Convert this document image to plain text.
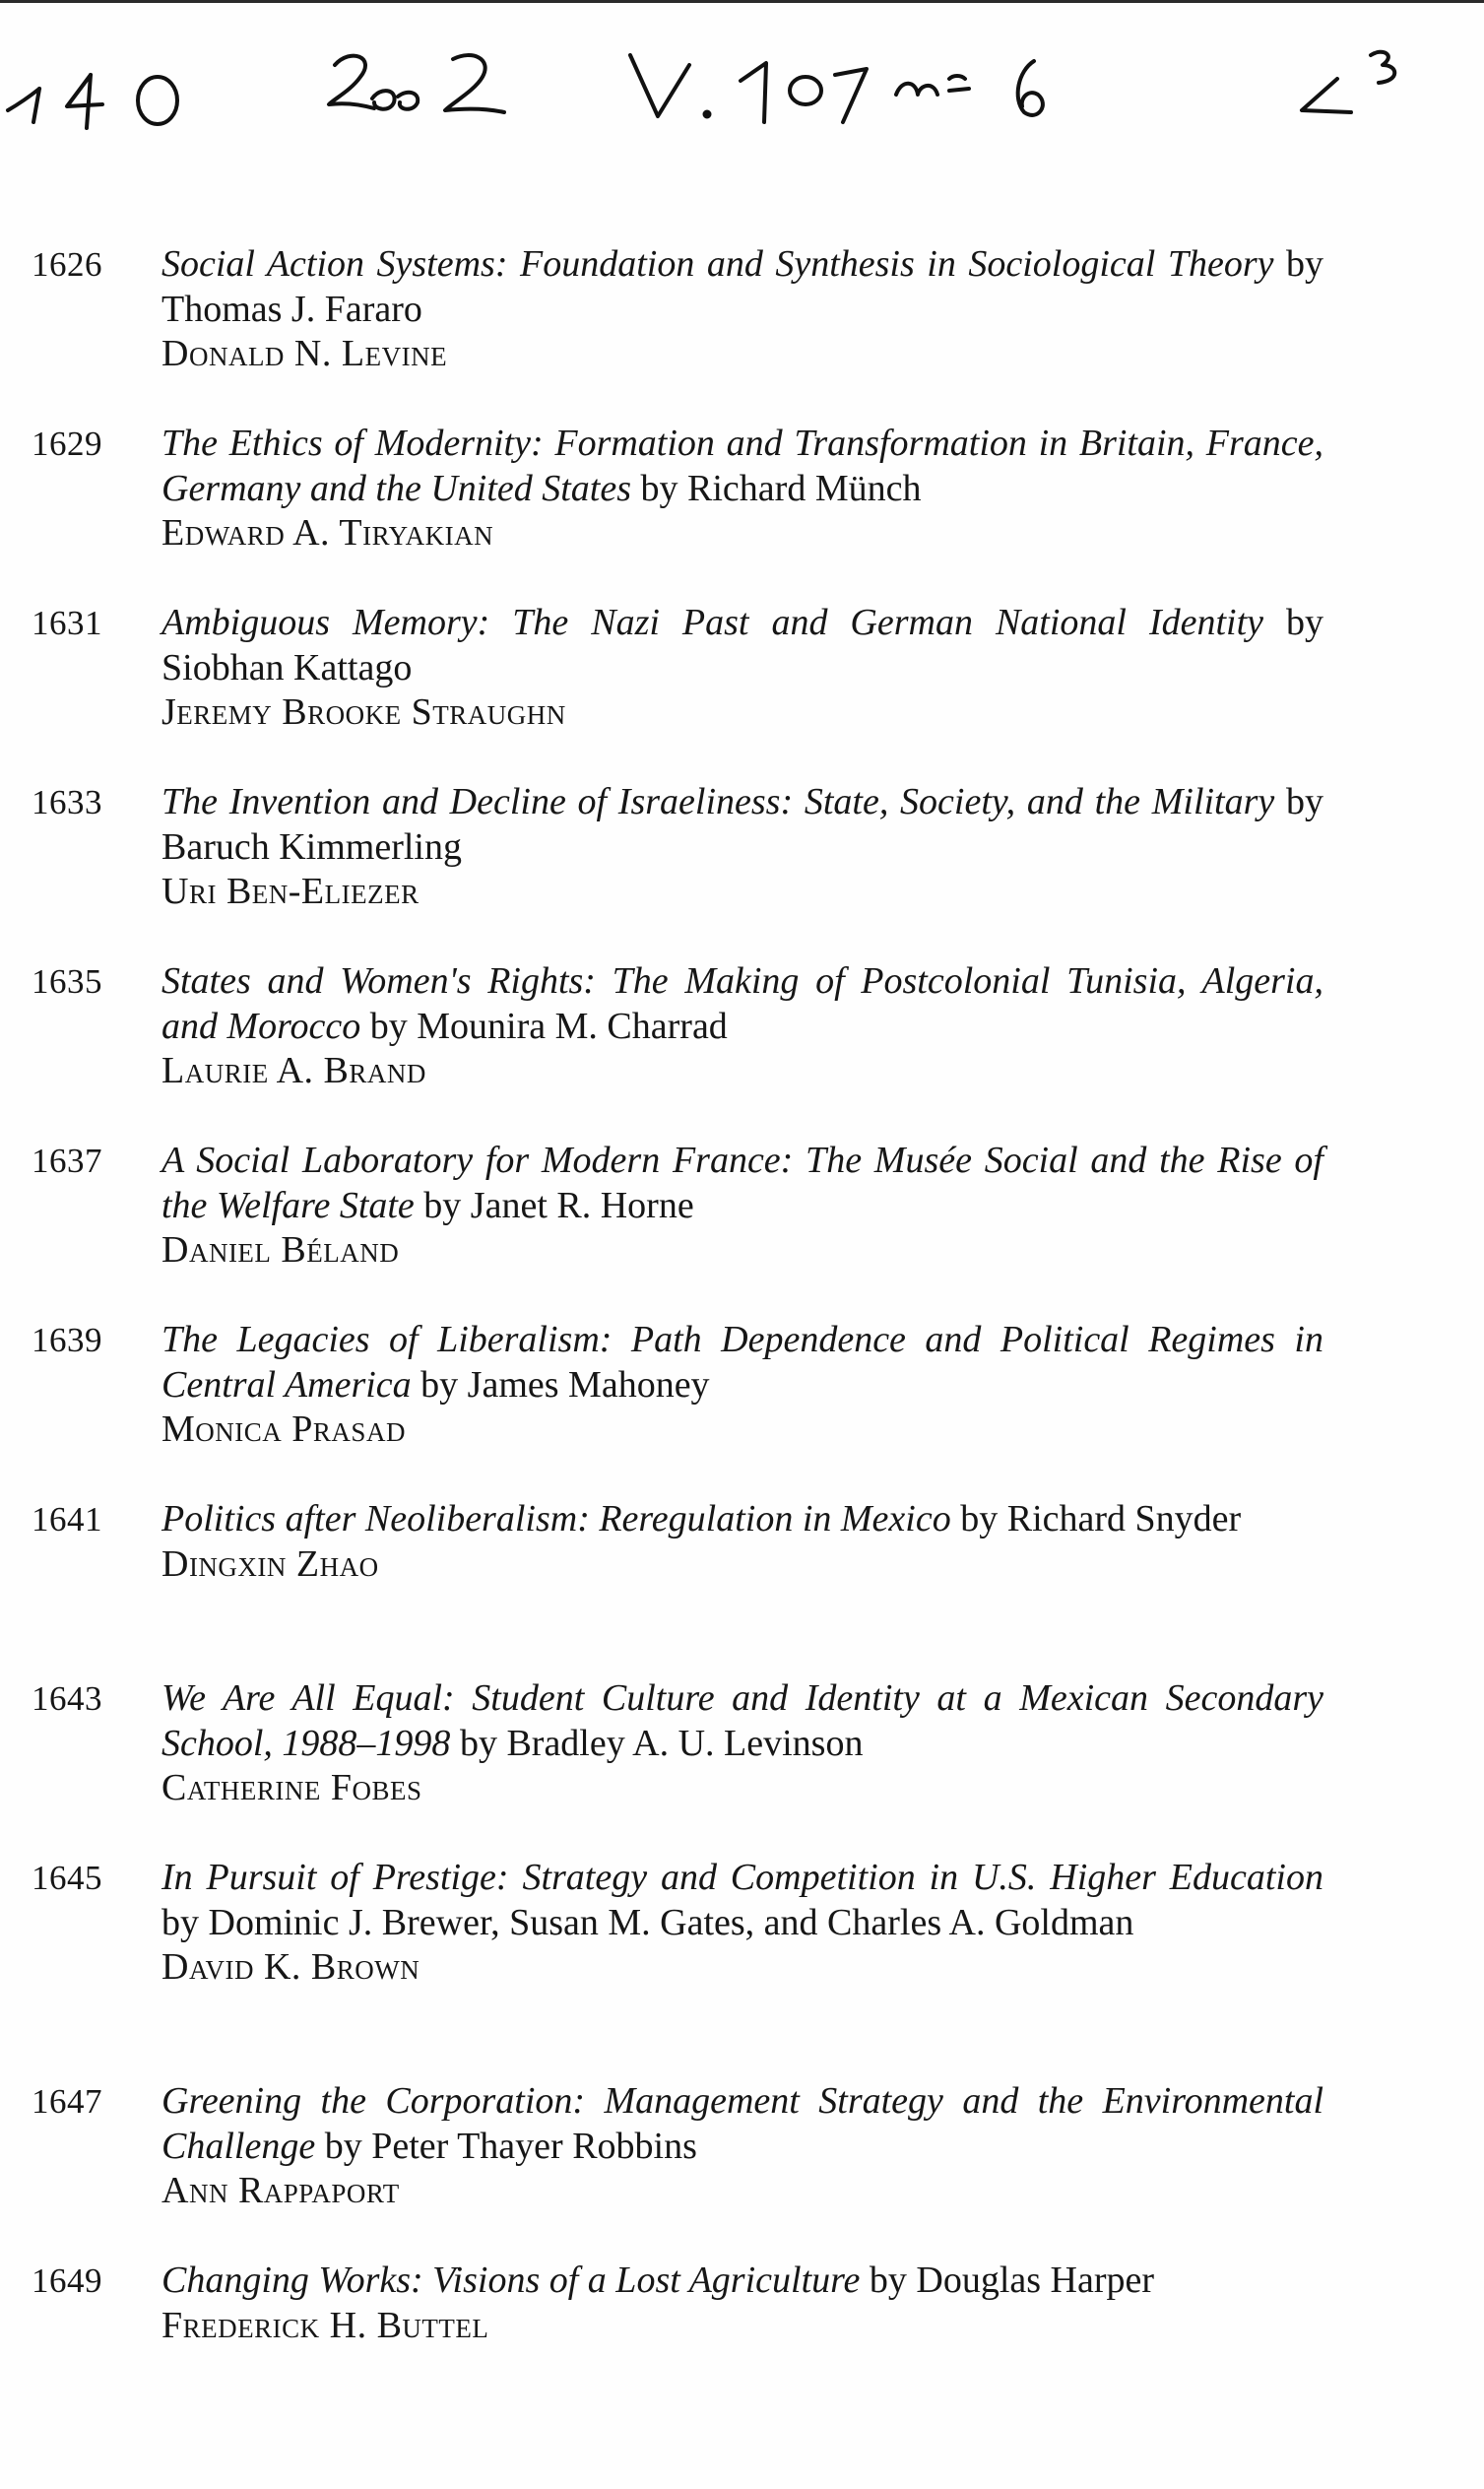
1626	Social Action Systems: Foundation and Synthesis in Sociological Theory by Thomas J. Fararo
Donald N. Levine
1629	The Ethics of Modernity: Formation and Transformation in Britain, France, Germany and the United States by Richard Münch
Edward A. Tiryakian
1631	Ambiguous Memory: The Nazi Past and German National Identity by Siobhan Kattago
Jeremy Brooke Straughn
1633	The Invention and Decline of Israeliness: State, Society, and the Military by Baruch Kimmerling
Uri Ben-Eliezer
1635	States and Women's Rights: The Making of Postcolonial Tunisia, Algeria, and Morocco by Mounira M. Charrad
Laurie A. Brand
1637	A Social Laboratory for Modern France: The Musée Social and the Rise of the Welfare State by Janet R. Horne
Daniel Béland
1639	The Legacies of Liberalism: Path Dependence and Political Regimes in Central America by James Mahoney
Monica Prasad
1641	Politics after Neoliberalism: Reregulation in Mexico by Richard Snyder
Dingxin Zhao
1643	We Are All Equal: Student Culture and Identity at a Mexican Secondary School, 1988–1998 by Bradley A. U. Levinson
Catherine Fobes
1645	In Pursuit of Prestige: Strategy and Competition in U.S. Higher Education by Dominic J. Brewer, Susan M. Gates, and Charles A. Goldman
David K. Brown
1647	Greening the Corporation: Management Strategy and the Environmental Challenge by Peter Thayer Robbins
Ann Rappaport
1649	Changing Works: Visions of a Lost Agriculture by Douglas Harper
Frederick H. Buttel
